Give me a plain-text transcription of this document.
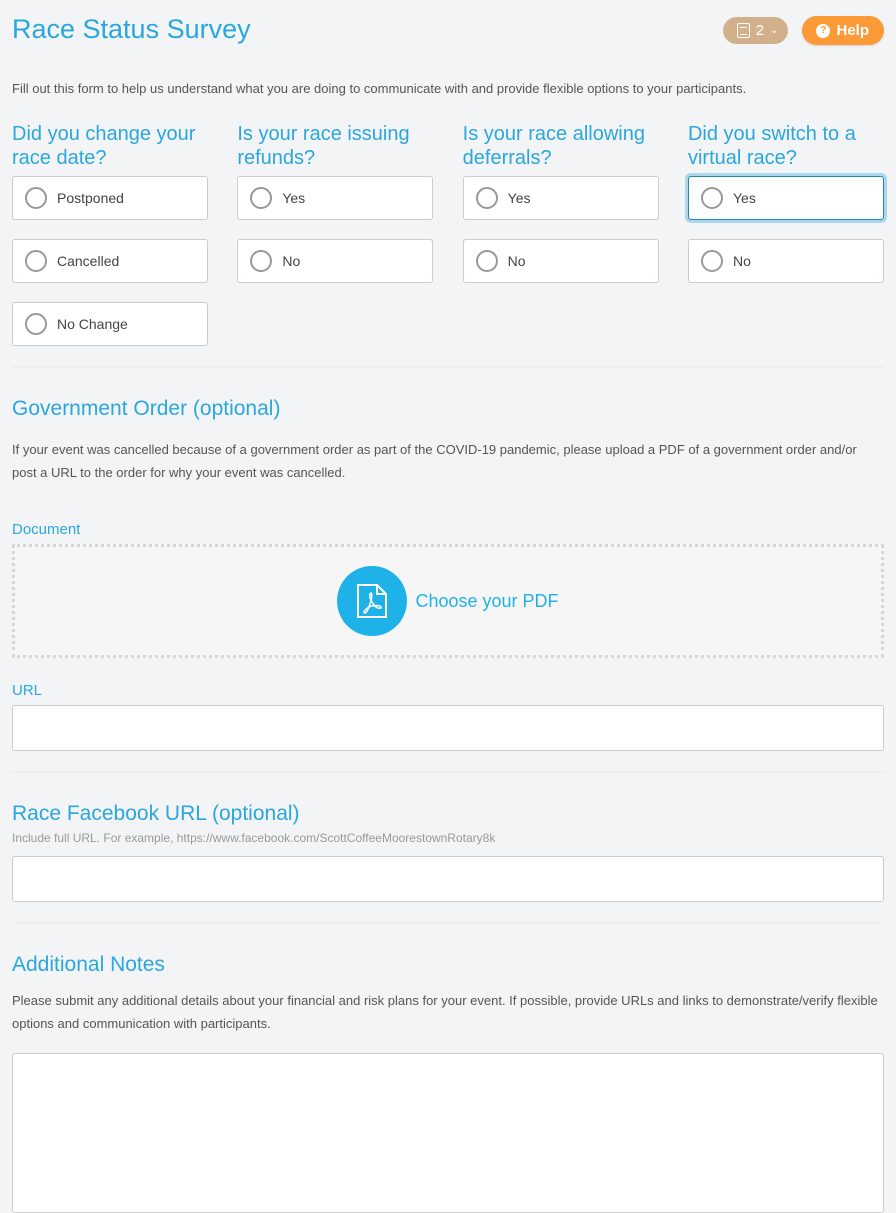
Race Status Survey	2 ⌄	? Help
Fill out this form to help us understand what you are doing to communicate with and provide flexible options to your participants.
Did you change your race date?
Postponed
Cancelled
No Change
Is your race issuing refunds?
Yes
No
Is your race allowing deferrals?
Yes
No
Did you switch to a virtual race?
Yes
No
Government Order (optional)
If your event was cancelled because of a government order as part of the COVID-19 pandemic, please upload a PDF of a government order and/or post a URL to the order for why your event was cancelled.
Document
Choose your PDF
URL
Race Facebook URL (optional)
Include full URL. For example, https://www.facebook.com/ScottCoffeeMoorestownRotary8k
Additional Notes
Please submit any additional details about your financial and risk plans for your event. If possible, provide URLs and links to demonstrate/verify flexible options and communication with participants.
